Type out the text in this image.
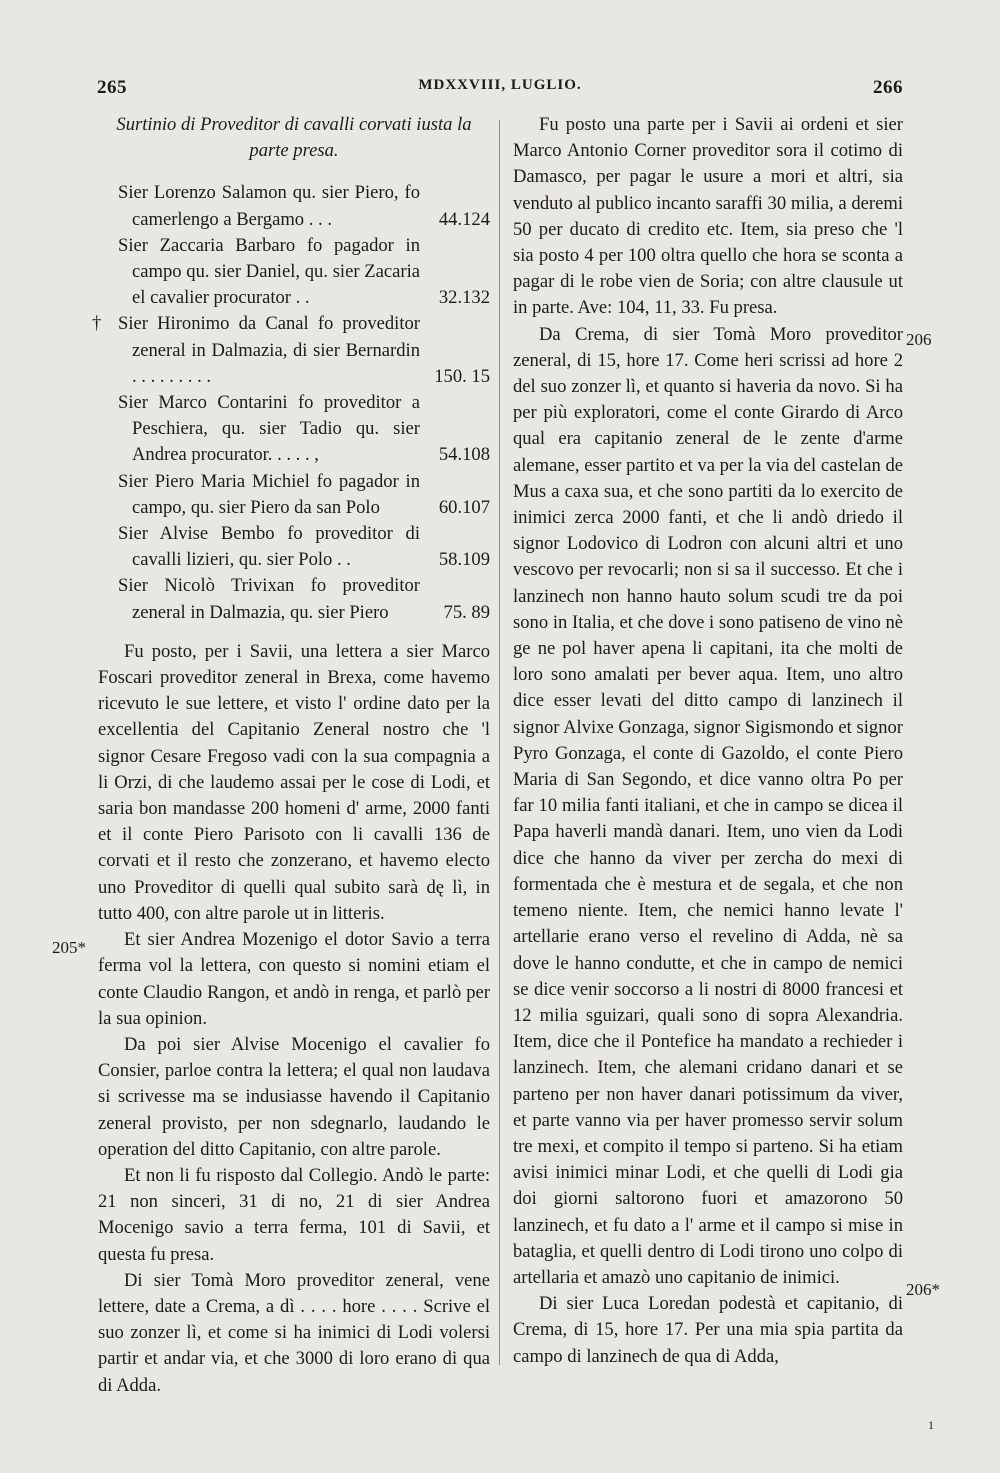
265	MDXXVIII, LUGLIO.	266
205*
206
206*

Surtinio di Proveditor di cavalli corvati iusta la parte presa.

Sier Lorenzo Salamon qu. sier Piero, fo camerlengo a Bergamo . . .	44.124
Sier Zaccaria Barbaro fo pagador in campo qu. sier Daniel, qu. sier Zacaria el cavalier procurator . .	32.132
† Sier Hironimo da Canal fo proveditor zeneral in Dalmazia, di sier Bernardin . . . . . . . . .	150. 15
Sier Marco Contarini fo proveditor a Peschiera, qu. sier Tadio qu. sier Andrea procurator. . . . . ,	54.108
Sier Piero Maria Michiel fo pagador in campo, qu. sier Piero da san Polo	60.107
Sier Alvise Bembo fo proveditor di cavalli lizieri, qu. sier Polo . .	58.109
Sier Nicolò Trivixan fo proveditor zeneral in Dalmazia, qu. sier Piero	75. 89

Fu posto, per i Savii, una lettera a sier Marco Foscari proveditor zeneral in Brexa, come havemo ricevuto le sue lettere, et visto l' ordine dato per la excellentia del Capitanio Zeneral nostro che 'l signor Cesare Fregoso vadi con la sua compagnia a li Orzi, di che laudemo assai per le cose di Lodi, et saria bon mandasse 200 homeni d' arme, 2000 fanti et il conte Piero Parisoto con li cavalli 136 de corvati et il resto che zonzerano, et havemo electo uno Proveditor di quelli qual subito sarà dę lì, in tutto 400, con altre parole ut in litteris.

Et sier Andrea Mozenigo el dotor Savio a terra ferma vol la lettera, con questo si nomini etiam el conte Claudio Rangon, et andò in renga, et parlò per la sua opinion.

Da poi sier Alvise Mocenigo el cavalier fo Consier, parloe contra la lettera; el qual non laudava si scrivesse ma se indusiasse havendo il Capitanio zeneral provisto, per non sdegnarlo, laudando le operation del ditto Capitanio, con altre parole.

Et non li fu risposto dal Collegio. Andò le parte: 21 non sinceri, 31 di no, 21 di sier Andrea Mocenigo savio a terra ferma, 101 di Savii, et questa fu presa.

Di sier Tomà Moro proveditor zeneral, vene lettere, date a Crema, a dì . . . . hore . . . . Scrive el suo zonzer lì, et come si ha inimici di Lodi volersi partir et andar via, et che 3000 di loro erano di qua di Adda.

Fu posto una parte per i Savii ai ordeni et sier Marco Antonio Corner proveditor sora il cotimo di Damasco, per pagar le usure a mori et altri, sia venduto al publico incanto saraffi 30 milia, a deremi 50 per ducato di credito etc. Item, sia preso che 'l sia posto 4 per 100 oltra quello che hora se sconta a pagar di le robe vien de Soria; con altre clausule ut in parte. Ave: 104, 11, 33. Fu presa.

Da Crema, di sier Tomà Moro proveditor zeneral, di 15, hore 17. Come heri scrissi ad hore 2 del suo zonzer lì, et quanto si haveria da novo. Si ha per più exploratori, come el conte Girardo di Arco qual era capitanio zeneral de le zente d'arme alemane, esser partito et va per la via del castelan de Mus a caxa sua, et che sono partiti da lo exercito de inimici zerca 2000 fanti, et che li andò driedo il signor Lodovico di Lodron con alcuni altri et uno vescovo per revocarli; non si sa il successo. Et che i lanzinech non hanno hauto solum scudi tre da poi sono in Italia, et che dove i sono patiseno de vino nè ge ne pol haver apena li capitani, ita che molti de loro sono amalati per bever aqua. Item, uno altro dice esser levati del ditto campo di lanzinech il signor Alvixe Gonzaga, signor Sigismondo et signor Pyro Gonzaga, el conte di Gazoldo, el conte Piero Maria di San Segondo, et dice vanno oltra Po per far 10 milia fanti italiani, et che in campo se dicea il Papa haverli mandà danari. Item, uno vien da Lodi dice che hanno da viver per zercha do mexi di formentada che è mestura et de segala, et che non temeno niente. Item, che nemici hanno levate l' artellarie erano verso el revelino di Adda, nè sa dove le hanno condutte, et che in campo de nemici se dice venir soccorso a li nostri di 8000 francesi et 12 milia sguizari, quali sono di sopra Alexandria. Item, dice che il Pontefice ha mandato a rechieder i lanzinech. Item, che alemani cridano danari et se parteno per non haver danari potissimum da viver, et parte vanno via per haver promesso servir solum tre mexi, et compito il tempo si parteno. Si ha etiam avisi inimici minar Lodi, et che quelli di Lodi gia doi giorni saltorono fuori et amazorono 50 lanzinech, et fu dato a l' arme et il campo si mise in bataglia, et quelli dentro di Lodi tirono uno colpo di artellaria et amazò uno capitanio de inimici.

Di sier Luca Loredan podestà et capitanio, di Crema, di 15, hore 17. Per una mia spia partita da campo di lanzinech de qua di Adda,

1
